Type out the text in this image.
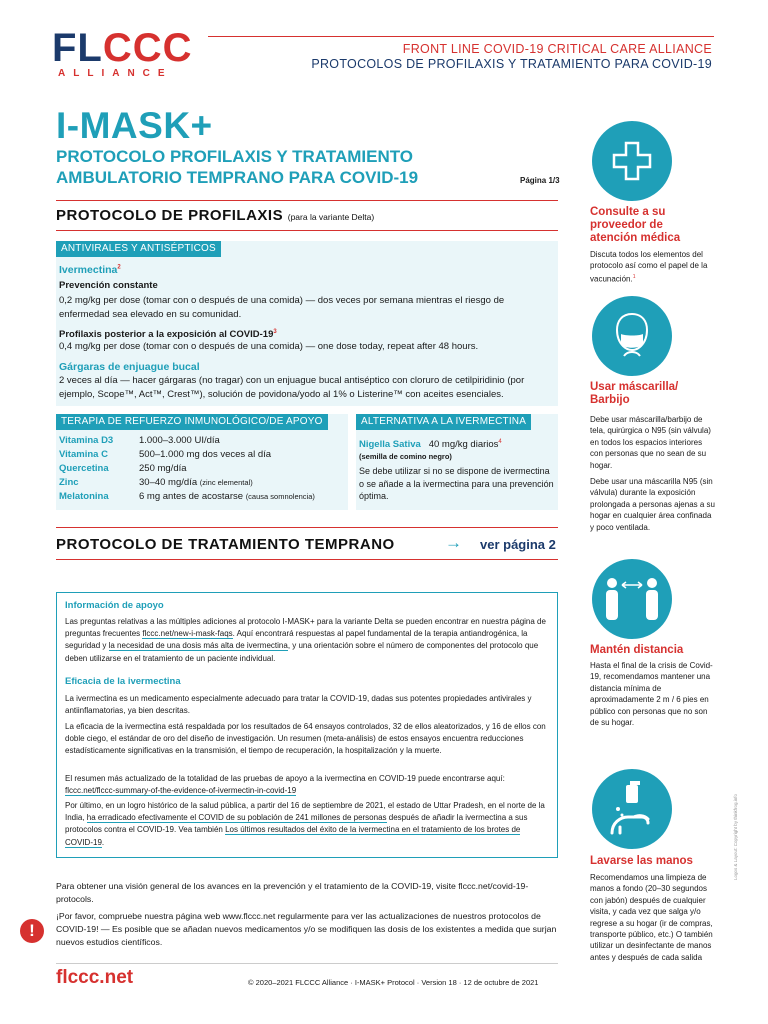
FLCCC
ALLIANCE
FRONT LINE COVID-19 CRITICAL CARE ALLIANCE
PROTOCOLOS DE PROFILAXIS Y TRATAMIENTO PARA COVID-19
I-MASK+
PROTOCOLO PROFILAXIS Y TRATAMIENTO
AMBULATORIO TEMPRANO PARA COVID-19	Página 1/3
PROTOCOLO DE PROFILAXIS (para la variante Delta)
ANTIVIRALES Y ANTISÉPTICOS
Ivermectina$^2$
Prevención constante
0,2 mg/kg per dose (tomar con o después de una comida) — dos veces por semana mientras el riesgo de enfermedad sea elevado en su comunidad.
Profilaxis posterior a la exposición al COVID-$19^3$
0,4 mg/kg per dose (tomar con o después de una comida) — one dose today, repeat after 48 hours.
Gárgaras de enjuague bucal
2 veces al día — hacer gárgaras (no tragar) con un enjuague bucal antiséptico con cloruro de cetilpiridinio (por ejemplo, Scope™, Act™, Crest™), solución de povidona/yodo al 1% o Listerine™ con aceites esenciales.
TERAPIA DE REFUERZO INMUNOLÓGICO/DE APOYO
Vitamina D3	1.000–3.000 UI/día
Vitamina C	500–1.000 mg dos veces al día
Quercetina	250 mg/día
Zinc	30–40 mg/día (zinc elemental)
Melatonina	6 mg antes de acostarse (causa somnolencia)
ALTERNATIVA A LA IVERMECTINA
Nigella Sativa 40 mg/kg diarios$^4$
(semilla de comino negro)
Se debe utilizar si no se dispone de ivermectina o se añade a la ivermectina para una prevención óptima.
PROTOCOLO DE TRATAMIENTO TEMPRANO	→ ver página 2
Información de apoyo
Las preguntas relativas a las múltiples adiciones al protocolo I-MASK+ para la variante Delta se pueden encontrar en nuestra página de preguntas frecuentes flccc.net/new-i-mask-faqs. Aquí encontrará respuestas al papel fundamental de la terapia antiandrogénica, la seguridad y la necesidad de una dosis más alta de ivermectina, y una orientación sobre el número de componentes del protocolo que deben utilizarse en el tratamiento de un paciente individual.
Eficacia de la ivermectina
La ivermectina es un medicamento especialmente adecuado para tratar la COVID-19, dadas sus potentes propiedades antivirales y antiinflamatorias, ya bien descritas.
La eficacia de la ivermectina está respaldada por los resultados de 64 ensayos controlados, 32 de ellos aleatorizados, y 16 de ellos con doble ciego, el estándar de oro del diseño de investigación. Un resumen (meta-análisis) de estos ensayos encuentra reducciones estadísticamente significativas en la transmisión, el tiempo de recuperación, la hospitalización y la muerte.
El resumen más actualizado de la totalidad de las pruebas de apoyo a la ivermectina en COVID-19 puede encontrarse aquí: flccc.net/flccc-summary-of-the-evidence-of-ivermectin-in-covid-19
Por último, en un logro histórico de la salud pública, a partir del 16 de septiembre de 2021, el estado de Uttar Pradesh, en el norte de la India, ha erradicado efectivamente el COVID de su población de 241 millones de personas después de añadir la ivermectina a sus protocolos contra el COVID-19. Vea también Los últimos resultados del éxito de la ivermectina en el tratamiento de los brotes de COVID-19.
Para obtener una visión general de los avances en la prevención y el tratamiento de la COVID-19, visite flccc.net/covid-19-protocols.
!
¡Por favor, compruebe nuestra página web www.flccc.net regularmente para ver las actualizaciones de nuestros protocolos de COVID-19! — Es posible que se añadan nuevos medicamentos y/o se modifiquen las dosis de los existentes a medida que surjan nuevos estudios científicos.
flccc.net	© 2020–2021 FLCCC Alliance · I-MASK+ Protocol · Version 18 · 12 de octubre de 2021
Consulte a su proveedor de atención médica
Discuta todos los elementos del protocolo así como el papel de la vacunación.$^1$
Usar máscarilla/ Barbijo
Debe usar máscarilla/barbijo de tela, quirúrgica o N95 (sin válvula) en todos los espacios interiores con personas que no sean de su hogar.
Debe usar una máscarilla N95 (sin válvula) durante la exposición prolongada a personas ajenas a su hogar en cualquier área confinada y poco ventilada.
Mantén distancia
Hasta el final de la crisis de Covid-19, recomendamos mantener una distancia mínima de aproximadamente 2 m / 6 pies en público con personas que no son de su hogar.
Lavarse las manos
Recomendamos una limpieza de manos a fondo (20–30 segundos con jabón) después de cualquier visita, y cada vez que salga y/o regrese a su hogar (ir de compras, transporte público, etc.) O también utilizar un desinfectante de manos antes y después de cada salida
Logos & Layout: Copyright by thinkfrog.info
